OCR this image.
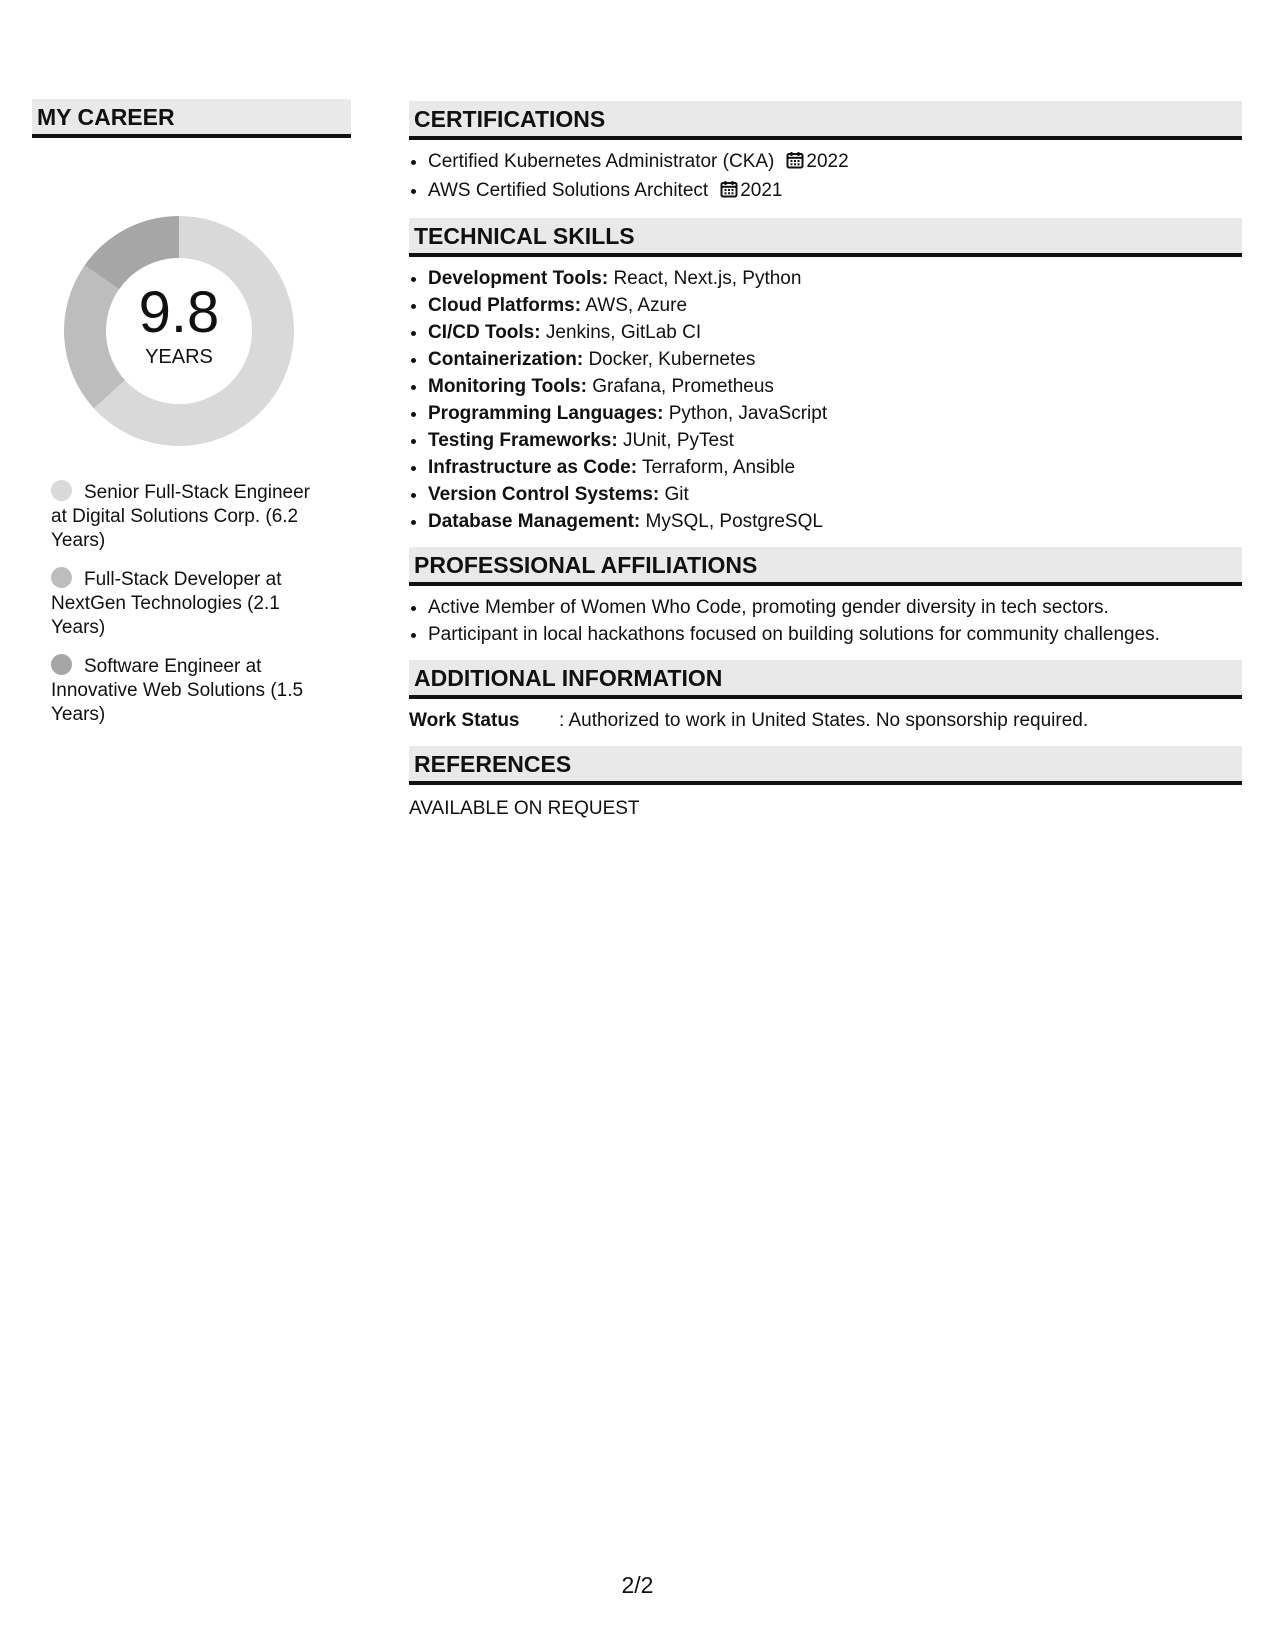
MY CAREER
9.8
YEARS
Senior Full-Stack Engineer at Digital Solutions Corp. (6.2 Years)
Full-Stack Developer at NextGen Technologies (2.1 Years)
Software Engineer at Innovative Web Solutions (1.5 Years)
CERTIFICATIONS
• Certified Kubernetes Administrator (CKA) 2022
• AWS Certified Solutions Architect 2021
TECHNICAL SKILLS
• Development Tools: React, Next.js, Python
• Cloud Platforms: AWS, Azure
• CI/CD Tools: Jenkins, GitLab CI
• Containerization: Docker, Kubernetes
• Monitoring Tools: Grafana, Prometheus
• Programming Languages: Python, JavaScript
• Testing Frameworks: JUnit, PyTest
• Infrastructure as Code: Terraform, Ansible
• Version Control Systems: Git
• Database Management: MySQL, PostgreSQL
PROFESSIONAL AFFILIATIONS
• Active Member of Women Who Code, promoting gender diversity in tech sectors.
• Participant in local hackathons focused on building solutions for community challenges.
ADDITIONAL INFORMATION
Work Status	: Authorized to work in United States. No sponsorship required.
REFERENCES
AVAILABLE ON REQUEST
2/2
